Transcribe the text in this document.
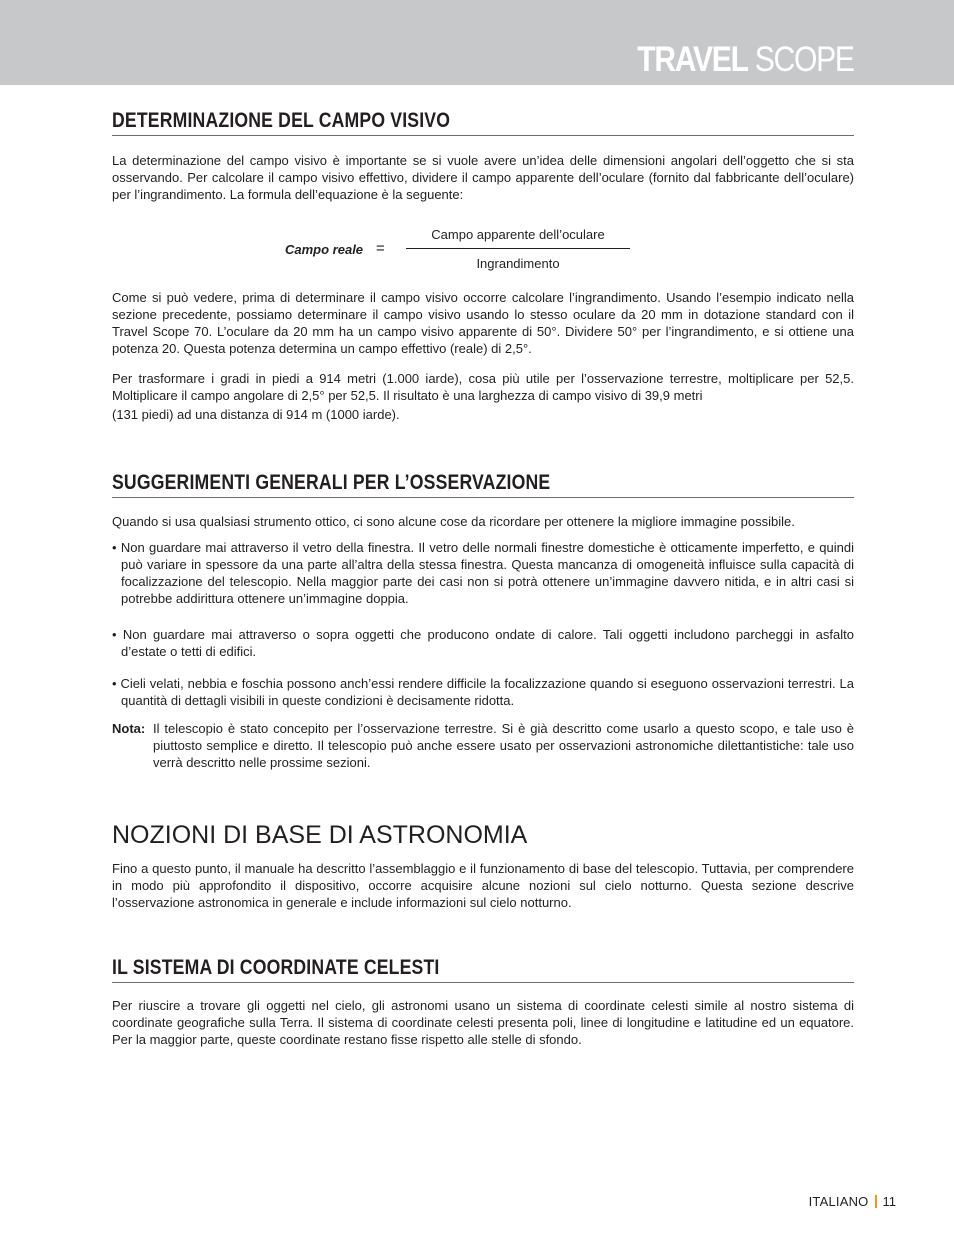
TRAVEL SCOPE
DETERMINAZIONE DEL CAMPO VISIVO

La determinazione del campo visivo è importante se si vuole avere un’idea delle dimensioni angolari dell’oggetto che si sta osservando. Per calcolare il campo visivo effettivo, dividere il campo apparente dell’oculare (fornito dal fabbricante dell’oculare) per l’ingrandimento. La formula dell’equazione è la seguente:

Campo reale =
Campo apparente dell’oculare
Ingrandimento

Come si può vedere, prima di determinare il campo visivo occorre calcolare l’ingrandimento. Usando l’esempio indicato nella sezione precedente, possiamo determinare il campo visivo usando lo stesso oculare da 20 mm in dotazione standard con il Travel Scope 70. L’oculare da 20 mm ha un campo visivo apparente di 50°. Dividere 50° per l’ingrandimento, e si ottiene una potenza 20. Questa potenza determina un campo effettivo (reale) di 2,5°.

Per trasformare i gradi in piedi a 914 metri (1.000 iarde), cosa più utile per l’osservazione terrestre, moltiplicare per 52,5. Moltiplicare il campo angolare di 2,5° per 52,5. Il risultato è una larghezza di campo visivo di 39,9 metri

(131 piedi) ad una distanza di 914 m (1000 iarde).

SUGGERIMENTI GENERALI PER L’OSSERVAZIONE

Quando si usa qualsiasi strumento ottico, ci sono alcune cose da ricordare per ottenere la migliore immagine possibile.

• Non guardare mai attraverso il vetro della finestra. Il vetro delle normali finestre domestiche è otticamente imperfetto, e quindi può variare in spessore da una parte all’altra della stessa finestra. Questa mancanza di omogeneità influisce sulla capacità di focalizzazione del telescopio. Nella maggior parte dei casi non si potrà ottenere un’immagine davvero nitida, e in altri casi si potrebbe addirittura ottenere un’immagine doppia.

• Non guardare mai attraverso o sopra oggetti che producono ondate di calore. Tali oggetti includono parcheggi in asfalto d’estate o tetti di edifici.

• Cieli velati, nebbia e foschia possono anch’essi rendere difficile la focalizzazione quando si eseguono osservazioni terrestri. La quantità di dettagli visibili in queste condizioni è decisamente ridotta.

Nota: Il telescopio è stato concepito per l’osservazione terrestre. Si è già descritto come usarlo a questo scopo, e tale uso è piuttosto semplice e diretto. Il telescopio può anche essere usato per osservazioni astronomiche dilettantistiche: tale uso verrà descritto nelle prossime sezioni.

NOZIONI DI BASE DI ASTRONOMIA

Fino a questo punto, il manuale ha descritto l’assemblaggio e il funzionamento di base del telescopio. Tuttavia, per comprendere in modo più approfondito il dispositivo, occorre acquisire alcune nozioni sul cielo notturno. Questa sezione descrive l’osservazione astronomica in generale e include informazioni sul cielo notturno.

IL SISTEMA DI COORDINATE CELESTI

Per riuscire a trovare gli oggetti nel cielo, gli astronomi usano un sistema di coordinate celesti simile al nostro sistema di coordinate geografiche sulla Terra. Il sistema di coordinate celesti presenta poli, linee di longitudine e latitudine ed un equatore. Per la maggior parte, queste coordinate restano fisse rispetto alle stelle di sfondo.

ITALIANO 11
